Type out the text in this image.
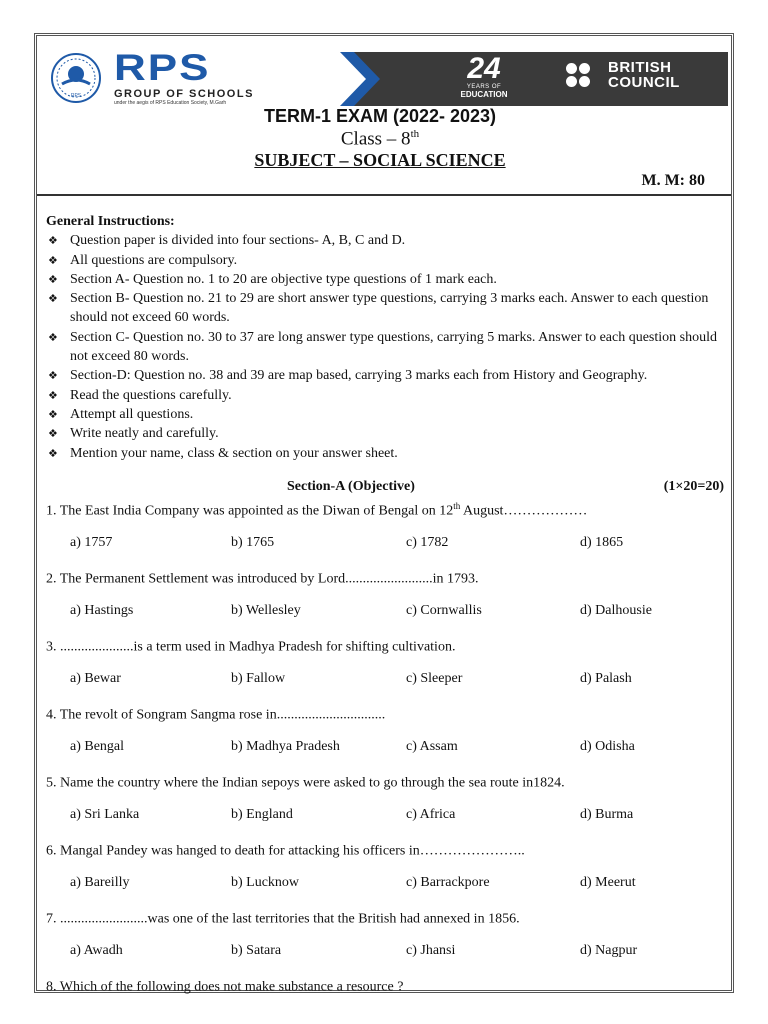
RPS
RPS
GROUP OF SCHOOLS
under the aegis of RPS Education Society, M.Garh
24
YEARS OF
EDUCATION
BRITISH
COUNCIL
TERM-1 EXAM (2022- 2023)
Class – 8th
SUBJECT – SOCIAL SCIENCE
M. M: 80
General Instructions:
❖ Question paper is divided into four sections- A, B, C and D.
❖ All questions are compulsory.
❖ Section A- Question no. 1 to 20 are objective type questions of 1 mark each.
❖ Section B- Question no. 21 to 29 are short answer type questions, carrying 3 marks each. Answer to each question should not exceed 60 words.
❖ Section C- Question no. 30 to 37 are long answer type questions, carrying 5 marks. Answer to each question should not exceed 80 words.
❖ Section-D: Question no. 38 and 39 are map based, carrying 3 marks each from History and Geography.
❖ Read the questions carefully.
❖ Attempt all questions.
❖ Write neatly and carefully.
❖ Mention your name, class & section on your answer sheet.
Section-A (Objective)	(1×20=20)
1. The East India Company was appointed as the Diwan of Bengal on 12th August………………
a) 1757	b) 1765	c) 1782	d) 1865
2. The Permanent Settlement was introduced by Lord.........................in 1793.
a) Hastings	b) Wellesley	c) Cornwallis	d) Dalhousie
3. .....................is a term used in Madhya Pradesh for shifting cultivation.
a) Bewar	b) Fallow	c) Sleeper	d) Palash
4. The revolt of Songram Sangma rose in...............................
a) Bengal	b) Madhya Pradesh	c) Assam	d) Odisha
5. Name the country where the Indian sepoys were asked to go through the sea route in1824.
a) Sri Lanka	b) England	c) Africa	d) Burma
6. Mangal Pandey was hanged to death for attacking his officers in…………………..
a) Bareilly	b) Lucknow	c) Barrackpore	d) Meerut
7. .........................was one of the last territories that the British had annexed in 1856.
a) Awadh	b) Satara	c) Jhansi	d) Nagpur
8. Which of the following does not make substance a resource ?
